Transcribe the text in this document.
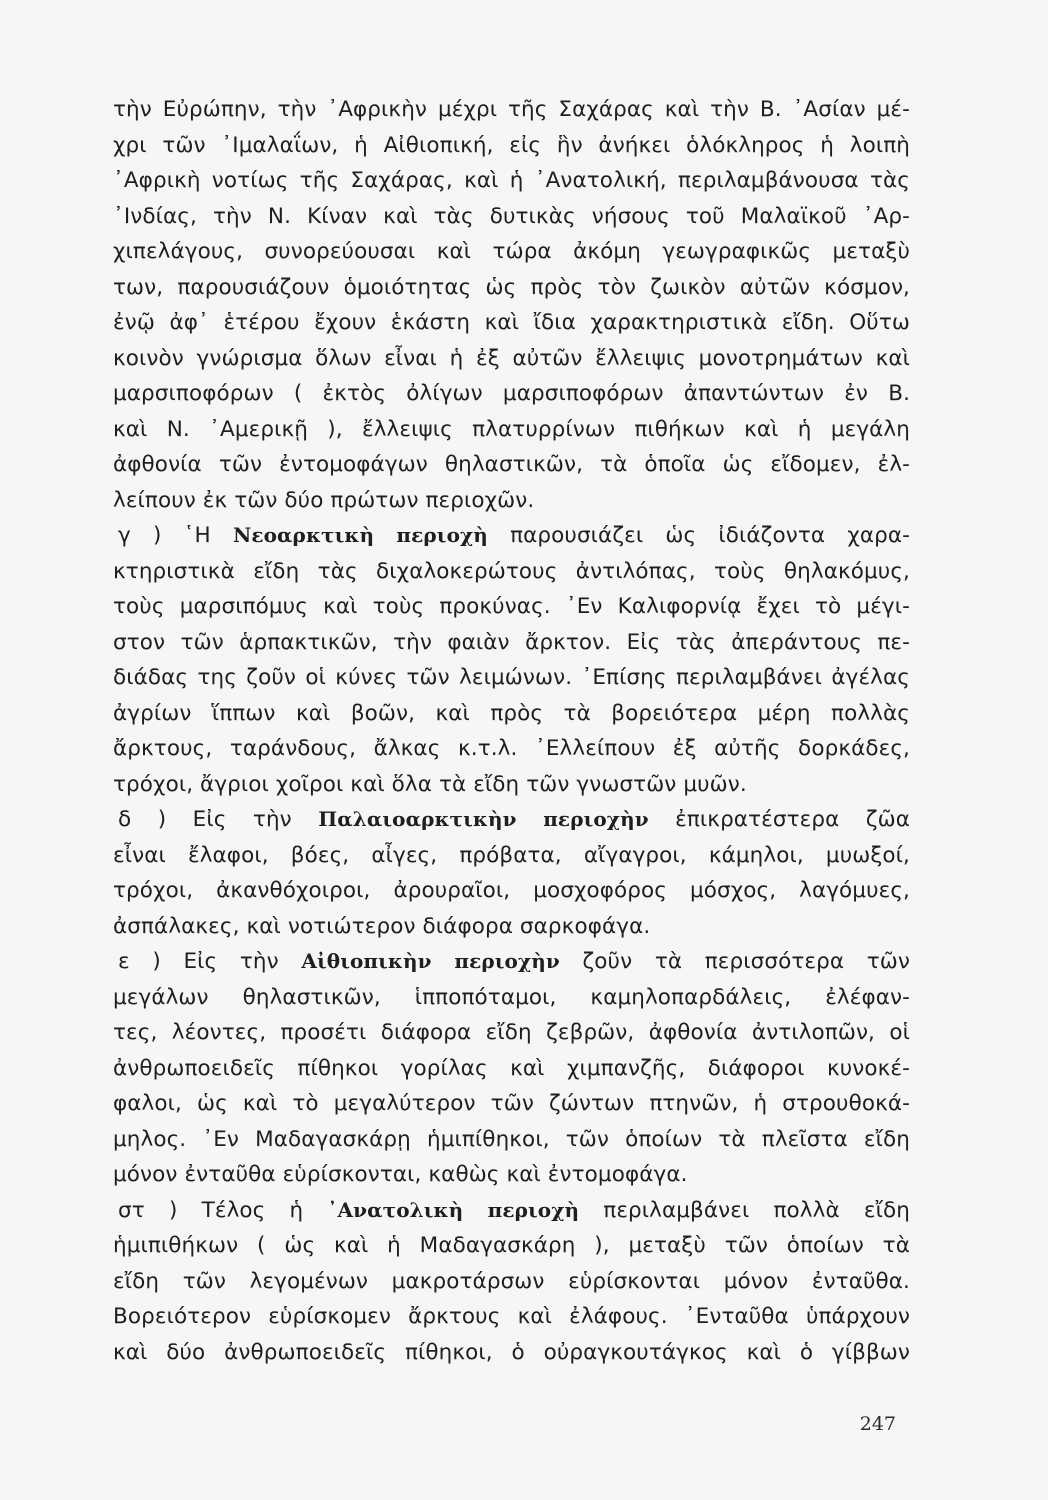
τὴν Εὐρώπην, τὴν ᾿Αφρικὴν μέχρι τῆς Σαχάρας καὶ τὴν Β. ᾿Ασίαν μέ-
χρι τῶν ᾿Ιμαλαΐων, ἡ Αἰθιοπική, εἰς ἣν ἀνήκει ὁλόκληρος ἡ λοιπὴ
᾿Αφρικὴ νοτίως τῆς Σαχάρας, καὶ ἡ ᾿Ανατολική, περιλαμβάνουσα τὰς
᾿Ινδίας, τὴν Ν. Κίναν καὶ τὰς δυτικὰς νήσους τοῦ Μαλαϊκοῦ ᾿Αρ-
χιπελάγους, συνορεύουσαι καὶ τώρα ἀκόμη γεωγραφικῶς μεταξὺ
των, παρουσιάζουν ὁμοιότητας ὡς πρὸς τὸν ζωικὸν αὐτῶν κόσμον,
ἐνῷ ἀφ᾿ ἑτέρου ἔχουν ἑκάστη καὶ ἴδια χαρακτηριστικὰ εἴδη. Οὕτω
κοινὸν γνώρισμα ὅλων εἶναι ἡ ἐξ αὐτῶν ἔλλειψις μονοτρημάτων καὶ
μαρσιποφόρων ( ἐκτὸς ὀλίγων μαρσιποφόρων ἀπαντώντων ἐν Β.
καὶ Ν. ᾿Αμερικῇ ), ἔλλειψις πλατυρρίνων πιθήκων καὶ ἡ μεγάλη
ἀφθονία τῶν ἐντομοφάγων θηλαστικῶν, τὰ ὁποῖα ὡς εἴδομεν, ἐλ-
λείπουν ἐκ τῶν δύο πρώτων περιοχῶν.
γ ) ῾Η Νεοαρκτικὴ περιοχὴ παρουσιάζει ὡς ἰδιάζοντα χαρα-
κτηριστικὰ εἴδη τὰς διχαλοκερώτους ἀντιλόπας, τοὺς θηλακόμυς,
τοὺς μαρσιπόμυς καὶ τοὺς προκύνας. ᾿Εν Καλιφορνίᾳ ἔχει τὸ μέγι-
στον τῶν ἁρπακτικῶν, τὴν φαιὰν ἄρκτον. Εἰς τὰς ἀπεράντους πε-
διάδας της ζοῦν οἱ κύνες τῶν λειμώνων. ᾿Επίσης περιλαμβάνει ἀγέλας
ἀγρίων ἵππων καὶ βοῶν, καὶ πρὸς τὰ βορειότερα μέρη πολλὰς
ἄρκτους, ταράνδους, ἄλκας κ.τ.λ. ᾿Ελλείπουν ἐξ αὐτῆς δορκάδες,
τρόχοι, ἄγριοι χοῖροι καὶ ὅλα τὰ εἴδη τῶν γνωστῶν μυῶν.
δ ) Εἰς τὴν Παλαιοαρκτικὴν περιοχὴν ἐπικρατέστερα ζῶα
εἶναι ἔλαφοι, βόες, αἶγες, πρόβατα, αἴγαγροι, κάμηλοι, μυωξοί,
τρόχοι, ἀκανθόχοιροι, ἀρουραῖοι, μοσχοφόρος μόσχος, λαγόμυες,
ἀσπάλακες, καὶ νοτιώτερον διάφορα σαρκοφάγα.
ε ) Εἰς τὴν Αἰθιοπικὴν περιοχὴν ζοῦν τὰ περισσότερα τῶν
μεγάλων θηλαστικῶν, ἱπποπόταμοι, καμηλοπαρδάλεις, ἐλέφαν-
τες, λέοντες, προσέτι διάφορα εἴδη ζεβρῶν, ἀφθονία ἀντιλοπῶν, οἱ
ἀνθρωποειδεῖς πίθηκοι γορίλας καὶ χιμπανζῆς, διάφοροι κυνοκέ-
φαλοι, ὡς καὶ τὸ μεγαλύτερον τῶν ζώντων πτηνῶν, ἡ στρουθοκά-
μηλος. ᾿Εν Μαδαγασκάρῃ ἡμιπίθηκοι, τῶν ὁποίων τὰ πλεῖστα εἴδη
μόνον ἐνταῦθα εὑρίσκονται, καθὼς καὶ ἐντομοφάγα.
στ ) Τέλος ἡ ᾿Ανατολικὴ περιοχὴ περιλαμβάνει πολλὰ εἴδη
ἡμιπιθήκων ( ὡς καὶ ἡ Μαδαγασκάρη ), μεταξὺ τῶν ὁποίων τὰ
εἴδη τῶν λεγομένων μακροτάρσων εὑρίσκονται μόνον ἐνταῦθα.
Βορειότερον εὑρίσκομεν ἄρκτους καὶ ἐλάφους. ᾿Ενταῦθα ὑπάρχουν
καὶ δύο ἀνθρωποειδεῖς πίθηκοι, ὁ οὐραγκουτάγκος καὶ ὁ γίββων
247
